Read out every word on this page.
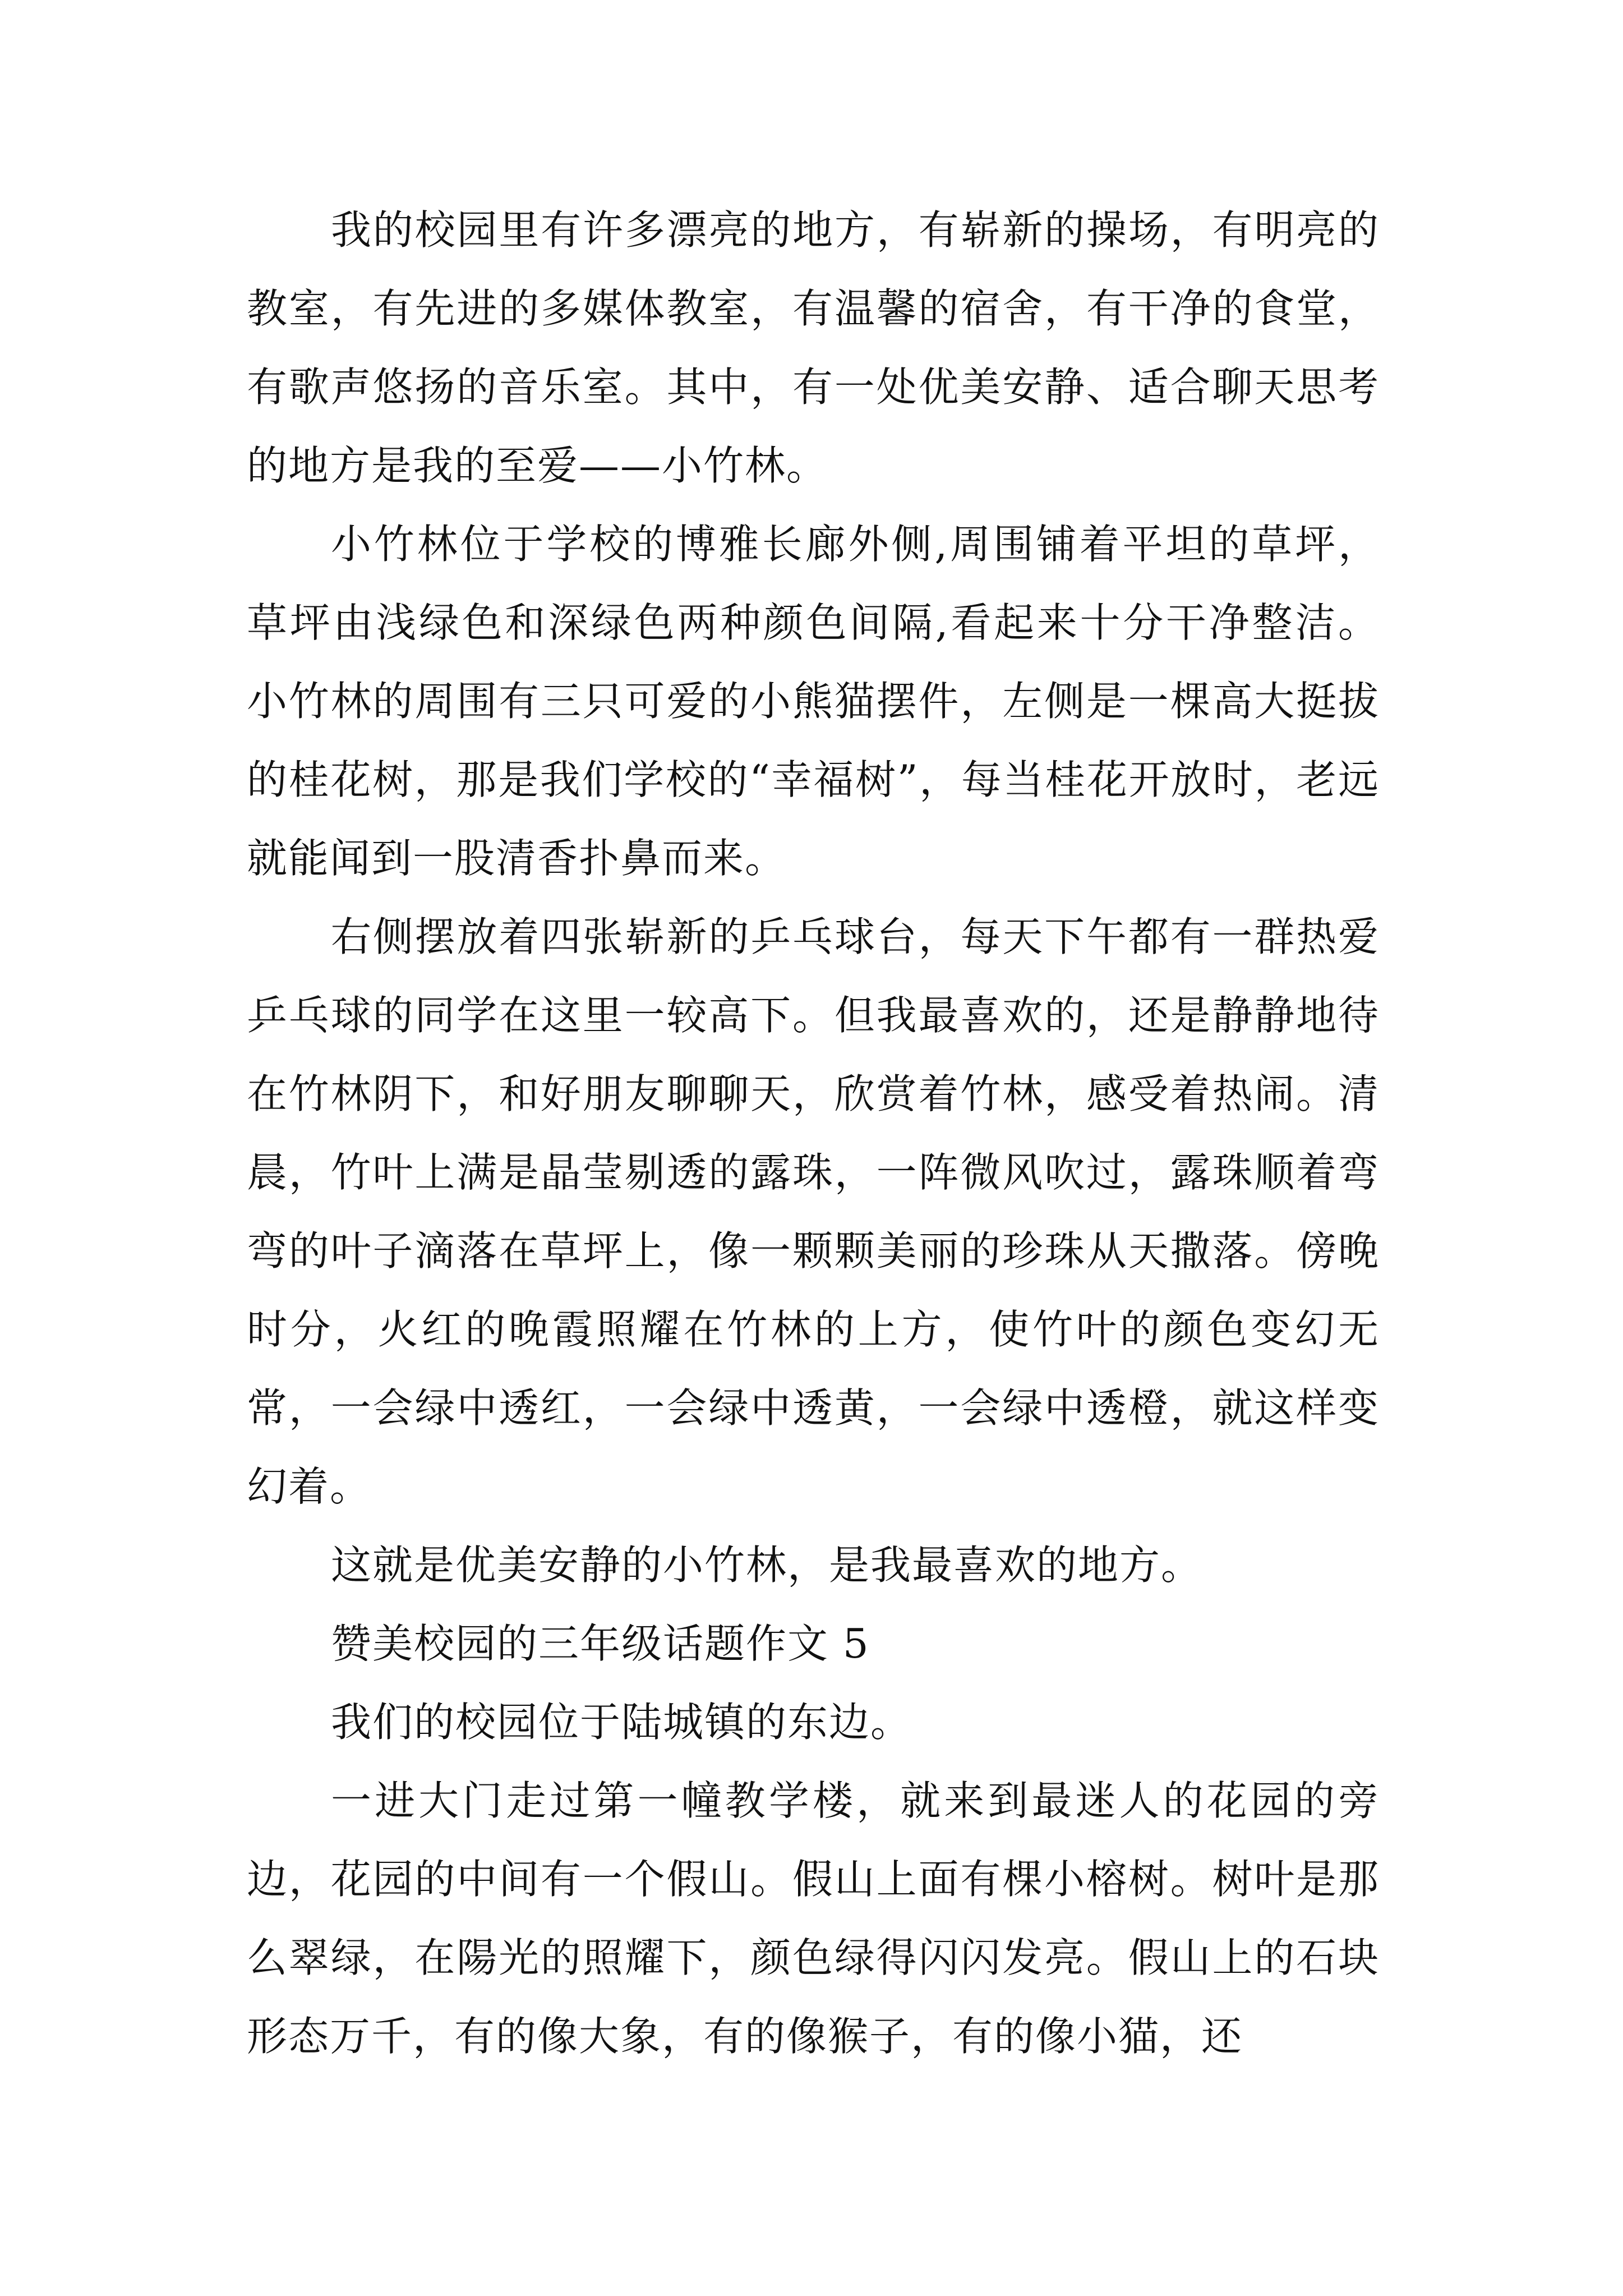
我的校园里有许多漂亮的地方，有崭新的操场，有明亮的教室，有先进的多媒体教室，有温馨的宿舍，有干净的食堂，有歌声悠扬的音乐室。其中，有一处优美安静、适合聊天思考的地方是我的至爱——小竹林。

小竹林位于学校的博雅长廊外侧,周围铺着平坦的草坪，草坪由浅绿色和深绿色两种颜色间隔,看起来十分干净整洁。小竹林的周围有三只可爱的小熊猫摆件，左侧是一棵高大挺拔的桂花树，那是我们学校的“幸福树”，每当桂花开放时，老远就能闻到一股清香扑鼻而来。

右侧摆放着四张崭新的乒乓球台，每天下午都有一群热爱乒乓球的同学在这里一较高下。但我最喜欢的，还是静静地待在竹林阴下，和好朋友聊聊天，欣赏着竹林，感受着热闹。清晨，竹叶上满是晶莹剔透的露珠，一阵微风吹过，露珠顺着弯弯的叶子滴落在草坪上，像一颗颗美丽的珍珠从天撒落。傍晚时分，火红的晚霞照耀在竹林的上方，使竹叶的颜色变幻无常，一会绿中透红，一会绿中透黄，一会绿中透橙，就这样变幻着。

这就是优美安静的小竹林，是我最喜欢的地方。

赞美校园的三年级话题作文 5

我们的校园位于陆城镇的东边。

一进大门走过第一幢教学楼，就来到最迷人的花园的旁边，花园的中间有一个假山。假山上面有棵小榕树。树叶是那么翠绿，在陽光的照耀下，颜色绿得闪闪发亮。假山上的石块形态万千，有的像大象，有的像猴子，有的像小猫，还
